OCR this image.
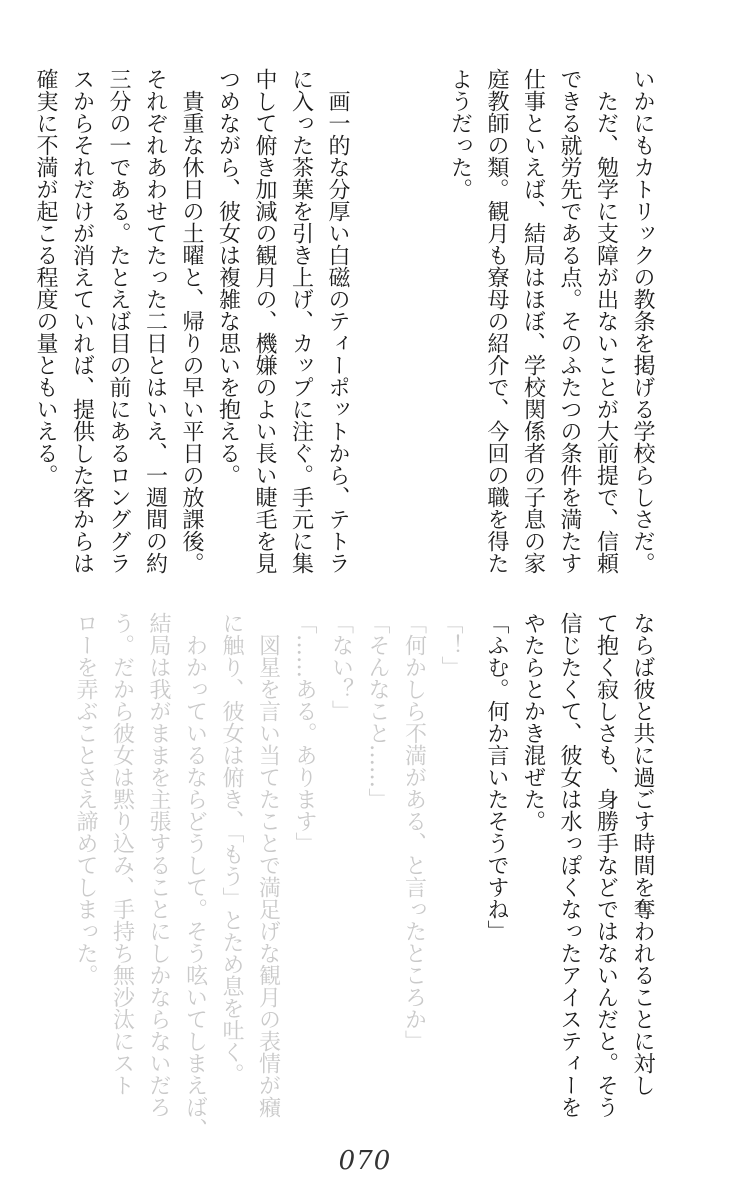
いかにもカトリックの教条を掲げる学校らしさだ。

　ただ、勉学に支障が出ないことが大前提で、信頼

できる就労先である点。そのふたつの条件を満たす

仕事といえば、結局はほぼ、学校関係者の子息の家

庭教師の類。観月も寮母の紹介で、今回の職を得た

ようだった。

　画一的な分厚い白磁のティーポットから、テトラ

に入った茶葉を引き上げ、カップに注ぐ。手元に集

中して俯き加減の観月の、機嫌のよい長い睫毛を見

つめながら、彼女は複雑な思いを抱える。

　貴重な休日の土曜と、帰りの早い平日の放課後。

それぞれあわせてたった二日とはいえ、一週間の約

三分の一である。たとえば目の前にあるロンググラ

スからそれだけが消えていれば、提供した客からは

確実に不満が起こる程度の量ともいえる。

ならば彼と共に過ごす時間を奪われることに対し

て抱く寂しさも、身勝手などではないんだと。そう

信じたくて、彼女は水っぽくなったアイスティーを

やたらとかき混ぜた。

「ふむ。何か言いたそうですね」

「！」

「何かしら不満がある、と言ったところか」

「そんなこと……」

「ない？」

「……ある。あります」

　図星を言い当てたことで満足げな観月の表情が癪

に触り、彼女は俯き、「もう」とため息を吐く。

　わかっているならどうして。そう呟いてしまえば、

結局は我がままを主張することにしかならないだろ

う。だから彼女は黙り込み、手持ち無沙汰にスト

ローを弄ぶことさえ諦めてしまった。

070
